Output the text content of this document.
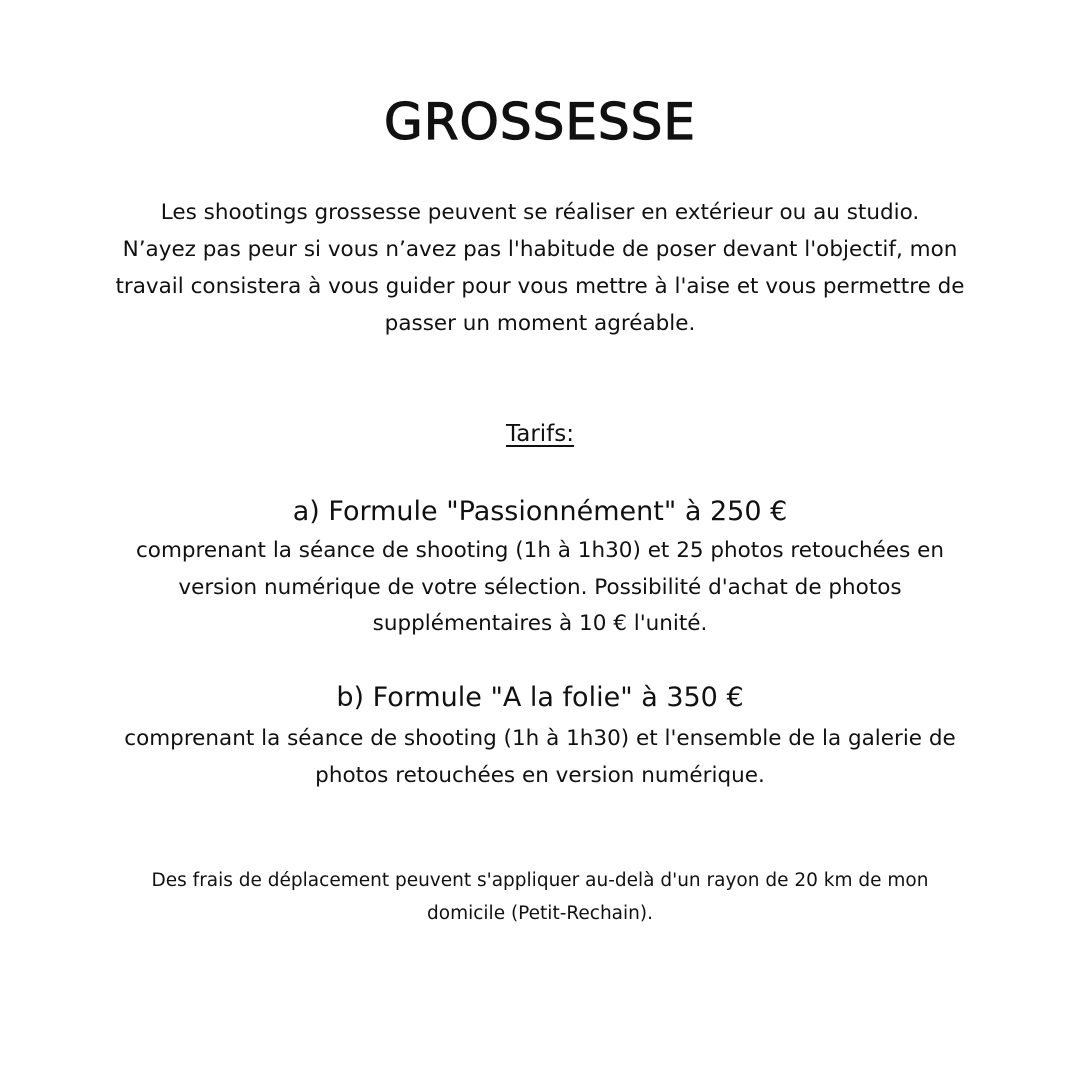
GROSSESSE
Les shootings grossesse peuvent se réaliser en extérieur ou au studio.
N’ayez pas peur si vous n’avez pas l'habitude de poser devant l'objectif, mon
travail consistera à vous guider pour vous mettre à l'aise et vous permettre de
passer un moment agréable.
Tarifs:
a) Formule "Passionnément" à 250 €
comprenant la séance de shooting (1h à 1h30) et 25 photos retouchées en
version numérique de votre sélection. Possibilité d'achat de photos
supplémentaires à 10 € l'unité.
b) Formule "A la folie" à 350 €
comprenant la séance de shooting (1h à 1h30) et l'ensemble de la galerie de
photos retouchées en version numérique.
Des frais de déplacement peuvent s'appliquer au-delà d'un rayon de 20 km de mon
domicile (Petit-Rechain).
